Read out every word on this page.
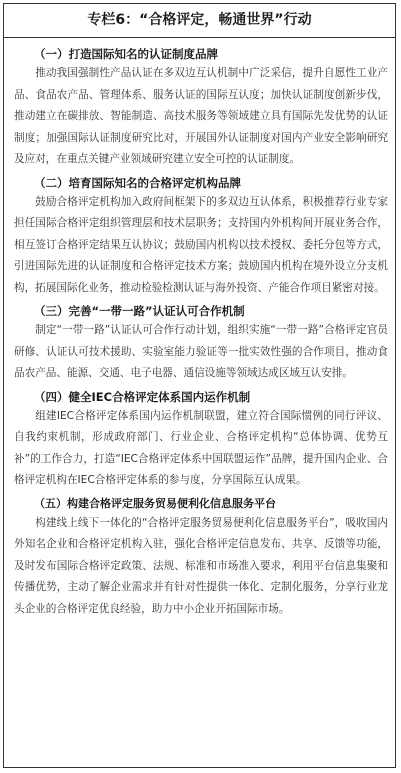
专栏6：“合格评定，畅通世界”行动
（一）打造国际知名的认证制度品牌

推动我国强制性产品认证在多双边互认机制中广泛采信，提升自愿性工业产品、食品农产品、管理体系、服务认证的国际互认度；加快认证制度创新步伐，推动建立在碳排放、智能制造、高技术服务等领域建立具有国际先发优势的认证制度；加强国际认证制度研究比对，开展国外认证制度对国内产业安全影响研究及应对，在重点关键产业领域研究建立安全可控的认证制度。

（二）培育国际知名的合格评定机构品牌

鼓励合格评定机构加入政府间框架下的多双边互认体系，积极推荐行业专家担任国际合格评定组织管理层和技术层职务；支持国内外机构间开展业务合作，相互签订合格评定结果互认协议；鼓励国内机构以技术授权、委托分包等方式，引进国际先进的认证制度和合格评定技术方案；鼓励国内机构在境外设立分支机构，拓展国际化业务，推动检验检测认证与海外投资、产能合作项目紧密对接。

（三）完善“一带一路”认证认可合作机制

制定“一带一路”认证认可合作行动计划，组织实施“一带一路”合格评定官员研修、认证认可技术援助、实验室能力验证等一批实效性强的合作项目，推动食品农产品、能源、交通、电子电器、通信设施等领域达成区域互认安排。

（四）健全IEC合格评定体系国内运作机制

组建IEC合格评定体系国内运作机制联盟，建立符合国际惯例的同行评议、自我约束机制，形成政府部门、行业企业、合格评定机构“总体协调、优势互补”的工作合力，打造“IEC合格评定体系中国联盟运作”品牌，提升国内企业、合格评定机构在IEC合格评定体系的参与度，分享国际互认成果。

（五）构建合格评定服务贸易便利化信息服务平台

构建线上线下一体化的“合格评定服务贸易便利化信息服务平台”，吸收国内外知名企业和合格评定机构入驻，强化合格评定信息发布、共享、反馈等功能，及时发布国际合格评定政策、法规、标准和市场准入要求，利用平台信息集聚和传播优势，主动了解企业需求并有针对性提供一体化、定制化服务，分享行业龙头企业的合格评定优良经验，助力中小企业开拓国际市场。
